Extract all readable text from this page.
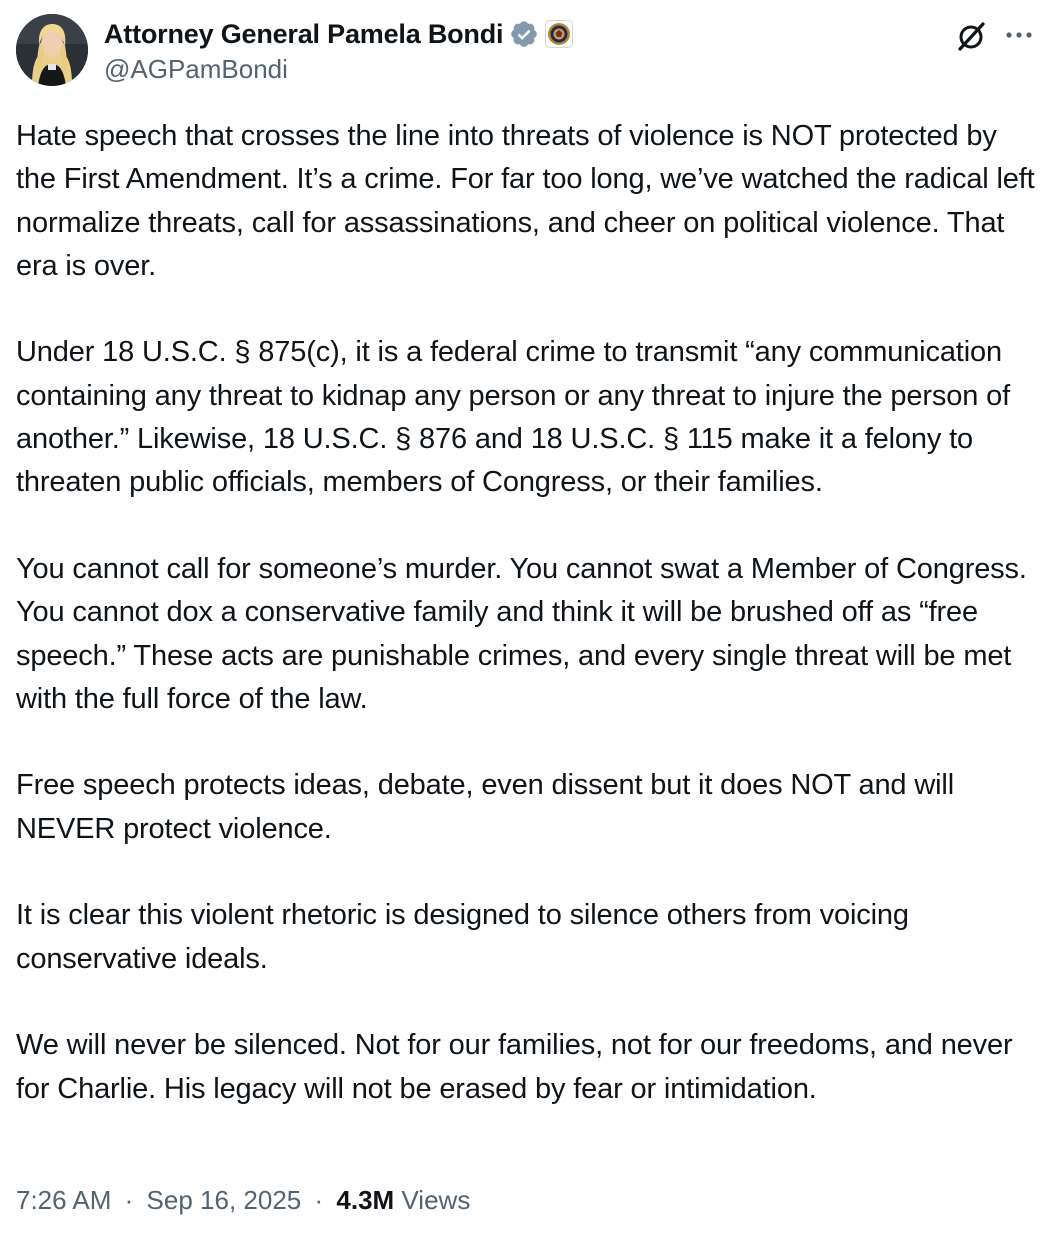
Attorney General Pamela Bondi
@AGPamBondi

Hate speech that crosses the line into threats of violence is NOT protected by the First Amendment. It’s a crime. For far too long, we’ve watched the radical left normalize threats, call for assassinations, and cheer on political violence. That era is over.

Under 18 U.S.C. § 875(c), it is a federal crime to transmit “any communication containing any threat to kidnap any person or any threat to injure the person of another.” Likewise, 18 U.S.C. § 876 and 18 U.S.C. § 115 make it a felony to threaten public officials, members of Congress, or their families.

You cannot call for someone’s murder. You cannot swat a Member of Congress. You cannot dox a conservative family and think it will be brushed off as “free speech.” These acts are punishable crimes, and every single threat will be met with the full force of the law.

Free speech protects ideas, debate, even dissent but it does NOT and will NEVER protect violence.

It is clear this violent rhetoric is designed to silence others from voicing conservative ideals.

We will never be silenced. Not for our families, not for our freedoms, and never for Charlie. His legacy will not be erased by fear or intimidation.

7:26 AM · Sep 16, 2025 · 4.3M Views
